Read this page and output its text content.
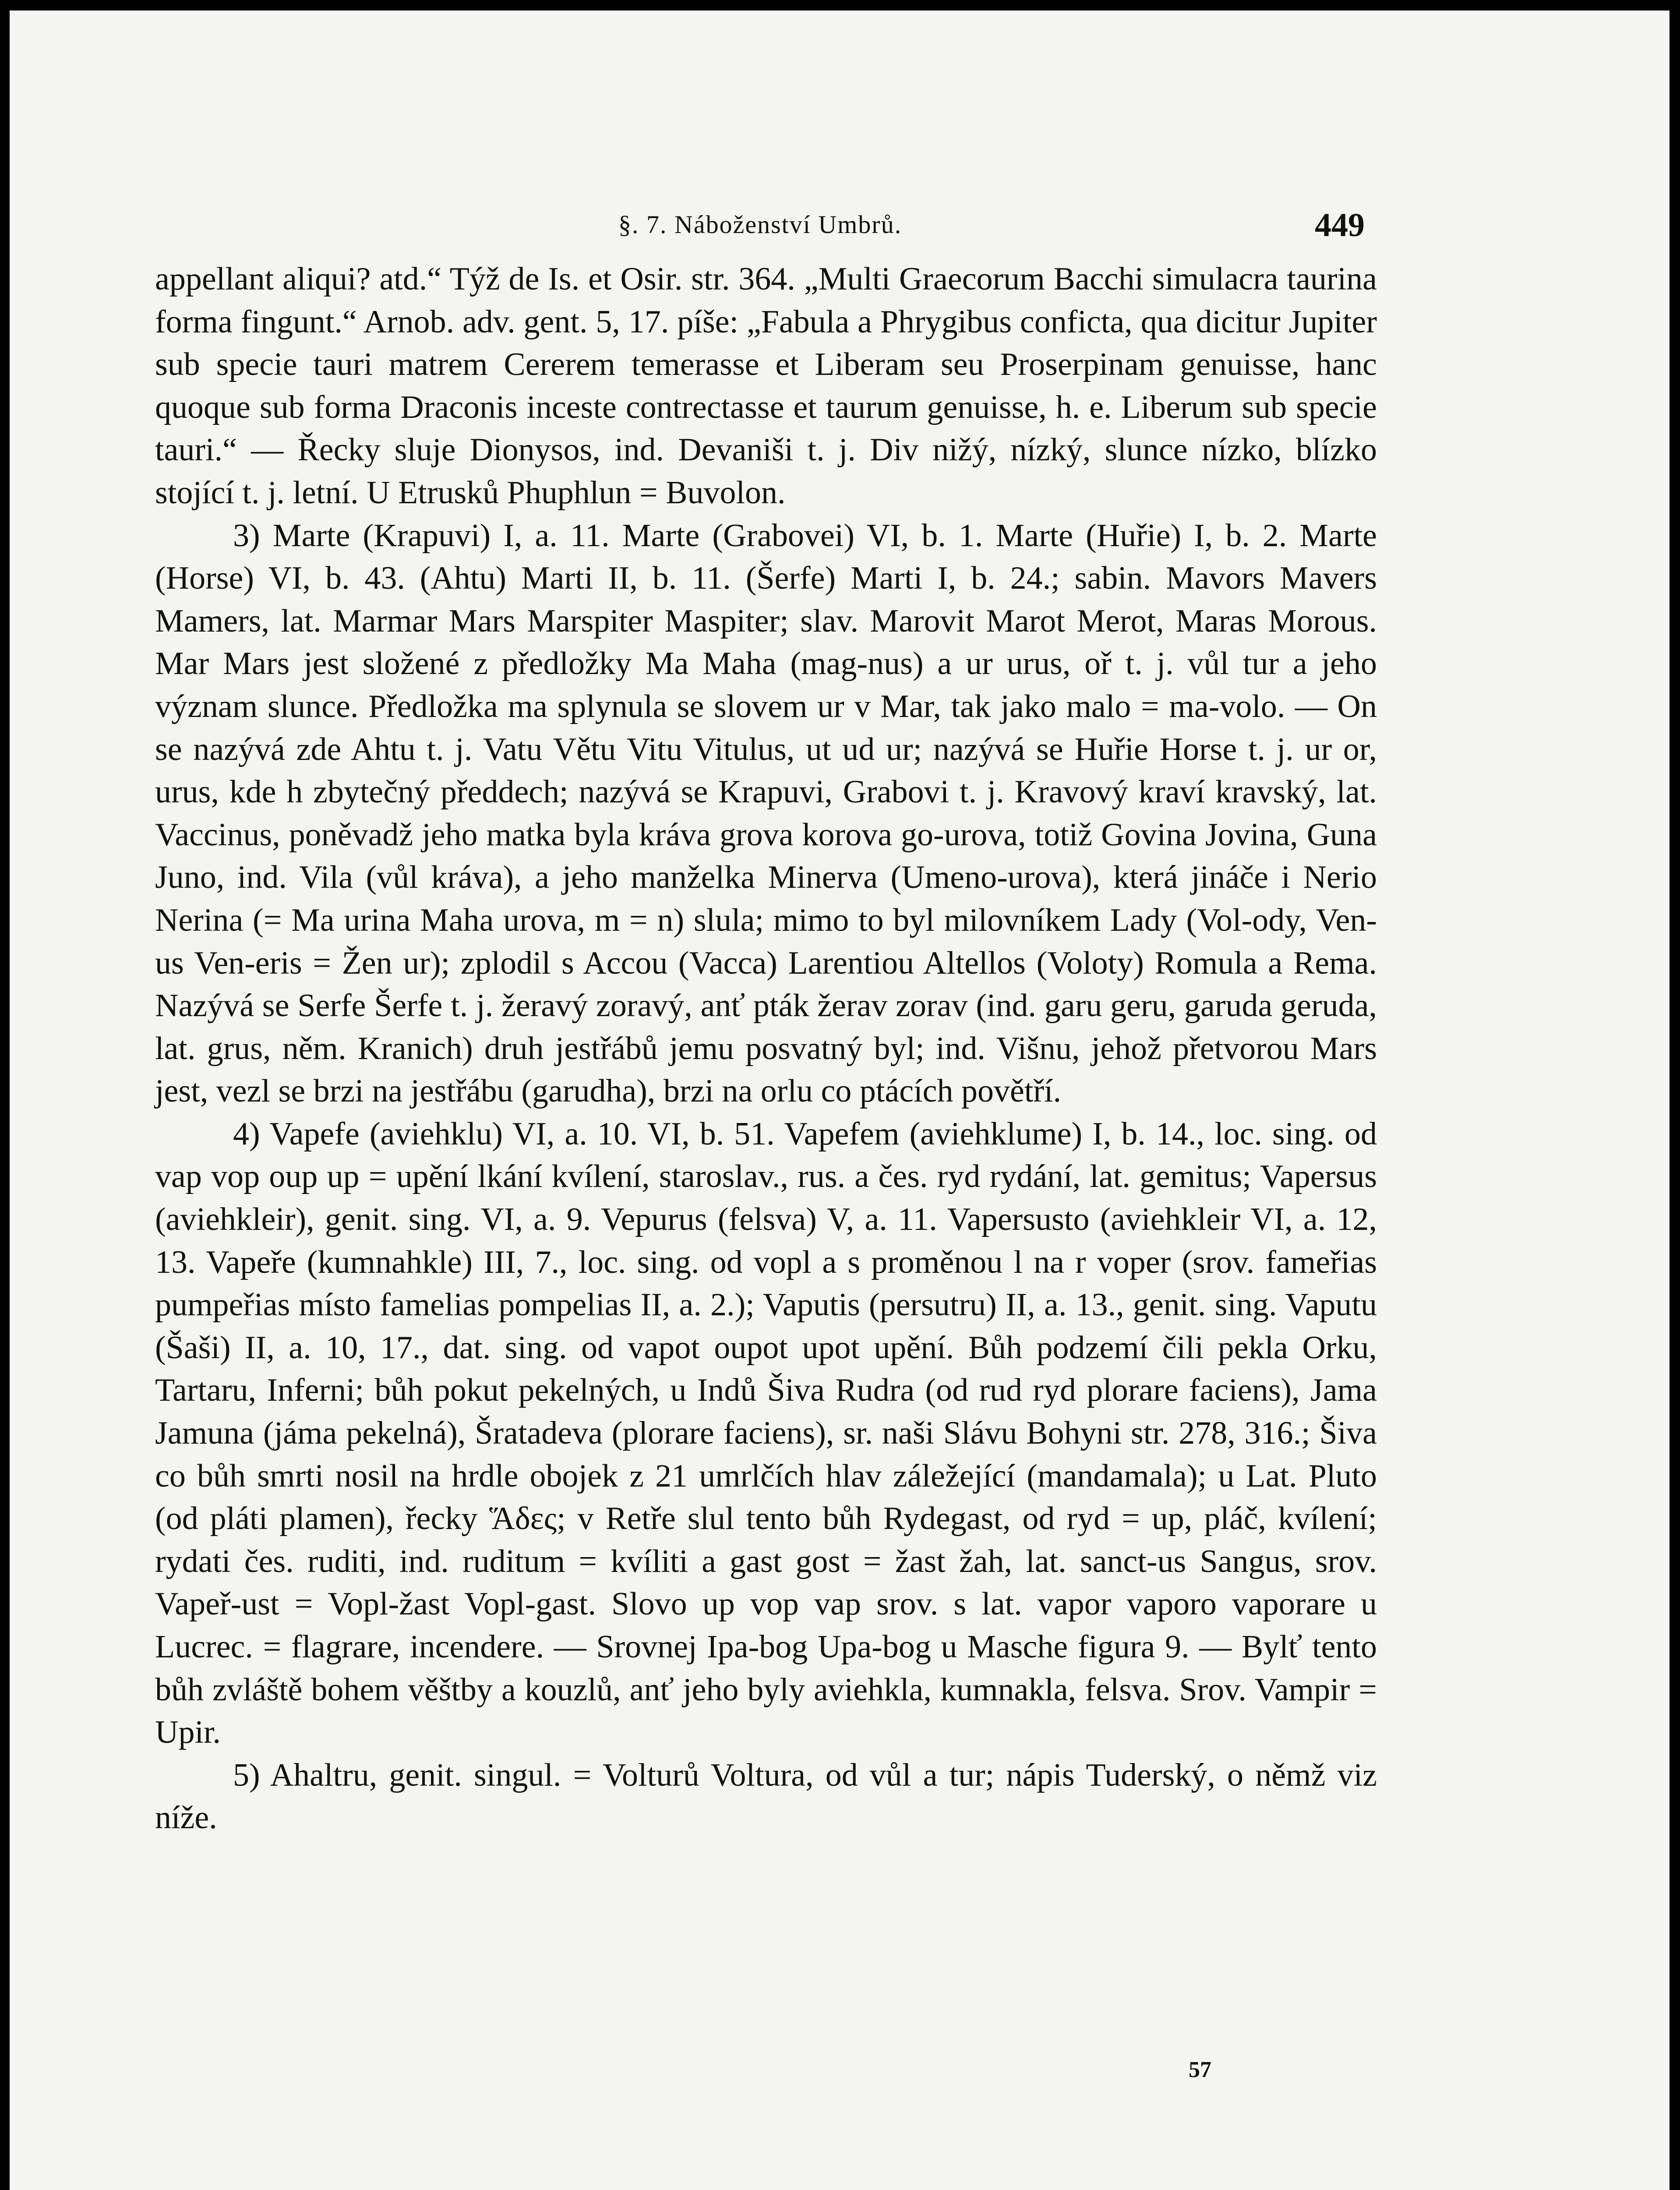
§. 7. Náboženství Umbrů.	449

appellant aliqui? atd.“ Týž de Is. et Osir. str. 364. „Multi Graecorum Bacchi simulacra taurina forma fingunt.“ Arnob. adv. gent. 5, 17. píše: „Fabula a Phrygibus conficta, qua dicitur Jupiter sub specie tauri matrem Cererem temerasse et Liberam seu Proserpinam genuisse, hanc quoque sub forma Draconis inceste contrectasse et taurum genuisse, h. e. Liberum sub specie tauri.“ — Řecky sluje Dionysos, ind. Devaniši t. j. Div nižý, nízký, slunce nízko, blízko stojící t. j. letní. U Etrusků Phuphlun = Buvolon.

3) Marte (Krapuvi) I, a. 11. Marte (Grabovei) VI, b. 1. Marte (Huřie) I, b. 2. Marte (Horse) VI, b. 43. (Ahtu) Marti II, b. 11. (Šerfe) Marti I, b. 24.; sabin. Mavors Mavers Mamers, lat. Marmar Mars Marspiter Maspiter; slav. Marovit Marot Merot, Maras Morous. Mar Mars jest složené z předložky Ma Maha (mag-nus) a ur urus, oř t. j. vůl tur a jeho význam slunce. Předložka ma splynula se slovem ur v Mar, tak jako malo = ma-volo. — On se nazývá zde Ahtu t. j. Vatu Větu Vitu Vitulus, ut ud ur; nazývá se Huřie Horse t. j. ur or, urus, kde h zbytečný předdech; nazývá se Krapuvi, Grabovi t. j. Kravový kraví kravský, lat. Vaccinus, poněvadž jeho matka byla kráva grova korova go-urova, totiž Govina Jovina, Guna Juno, ind. Vila (vůl kráva), a jeho manželka Minerva (Umeno-urova), která jináče i Nerio Nerina (= Ma urina Maha urova, m = n) slula; mimo to byl milovníkem Lady (Vol-ody, Ven-us Ven-eris = Žen ur); zplodil s Accou (Vacca) Larentiou Altellos (Voloty) Romula a Rema. Nazývá se Serfe Šerfe t. j. žeravý zoravý, anť pták žerav zorav (ind. garu geru, garuda geruda, lat. grus, něm. Kranich) druh jestřábů jemu posvatný byl; ind. Višnu, jehož přetvorou Mars jest, vezl se brzi na jestřábu (garudha), brzi na orlu co ptácích povětří.

4) Vapefe (aviehklu) VI, a. 10. VI, b. 51. Vapefem (aviehklume) I, b. 14., loc. sing. od vap vop oup up = upění lkání kvílení, staroslav., rus. a čes. ryd rydání, lat. gemitus; Vapersus (aviehkleir), genit. sing. VI, a. 9. Vepurus (felsva) V, a. 11. Vapersusto (aviehkleir VI, a. 12, 13. Vapeře (kumnahkle) III, 7., loc. sing. od vopl a s proměnou l na r voper (srov. fameřias pumpeřias místo famelias pompelias II, a. 2.); Vaputis (persutru) II, a. 13., genit. sing. Vaputu (Šaši) II, a. 10, 17., dat. sing. od vapot oupot upot upění. Bůh podzemí čili pekla Orku, Tartaru, Inferni; bůh pokut pekelných, u Indů Šiva Rudra (od rud ryd plorare faciens), Jama Jamuna (jáma pekelná), Šratadeva (plorare faciens), sr. naši Slávu Bohyni str. 278, 316.; Šiva co bůh smrti nosil na hrdle obojek z 21 umrlčích hlav záležející (mandamala); u Lat. Pluto (od pláti plamen), řecky Ἅδες; v Retře slul tento bůh Rydegast, od ryd = up, pláč, kvílení; rydati čes. ruditi, ind. ruditum = kvíliti a gast gost = žast žah, lat. sanct-us Sangus, srov. Vapeř-ust = Vopl-žast Vopl-gast. Slovo up vop vap srov. s lat. vapor vaporo vaporare u Lucrec. = flagrare, incendere. — Srovnej Ipa-bog Upa-bog u Masche figura 9. — Bylť tento bůh zvláště bohem věštby a kouzlů, anť jeho byly aviehkla, kumnakla, felsva. Srov. Vampir = Upir.

5) Ahaltru, genit. singul. = Volturů Voltura, od vůl a tur; nápis Tuderský, o němž viz níže.

57
